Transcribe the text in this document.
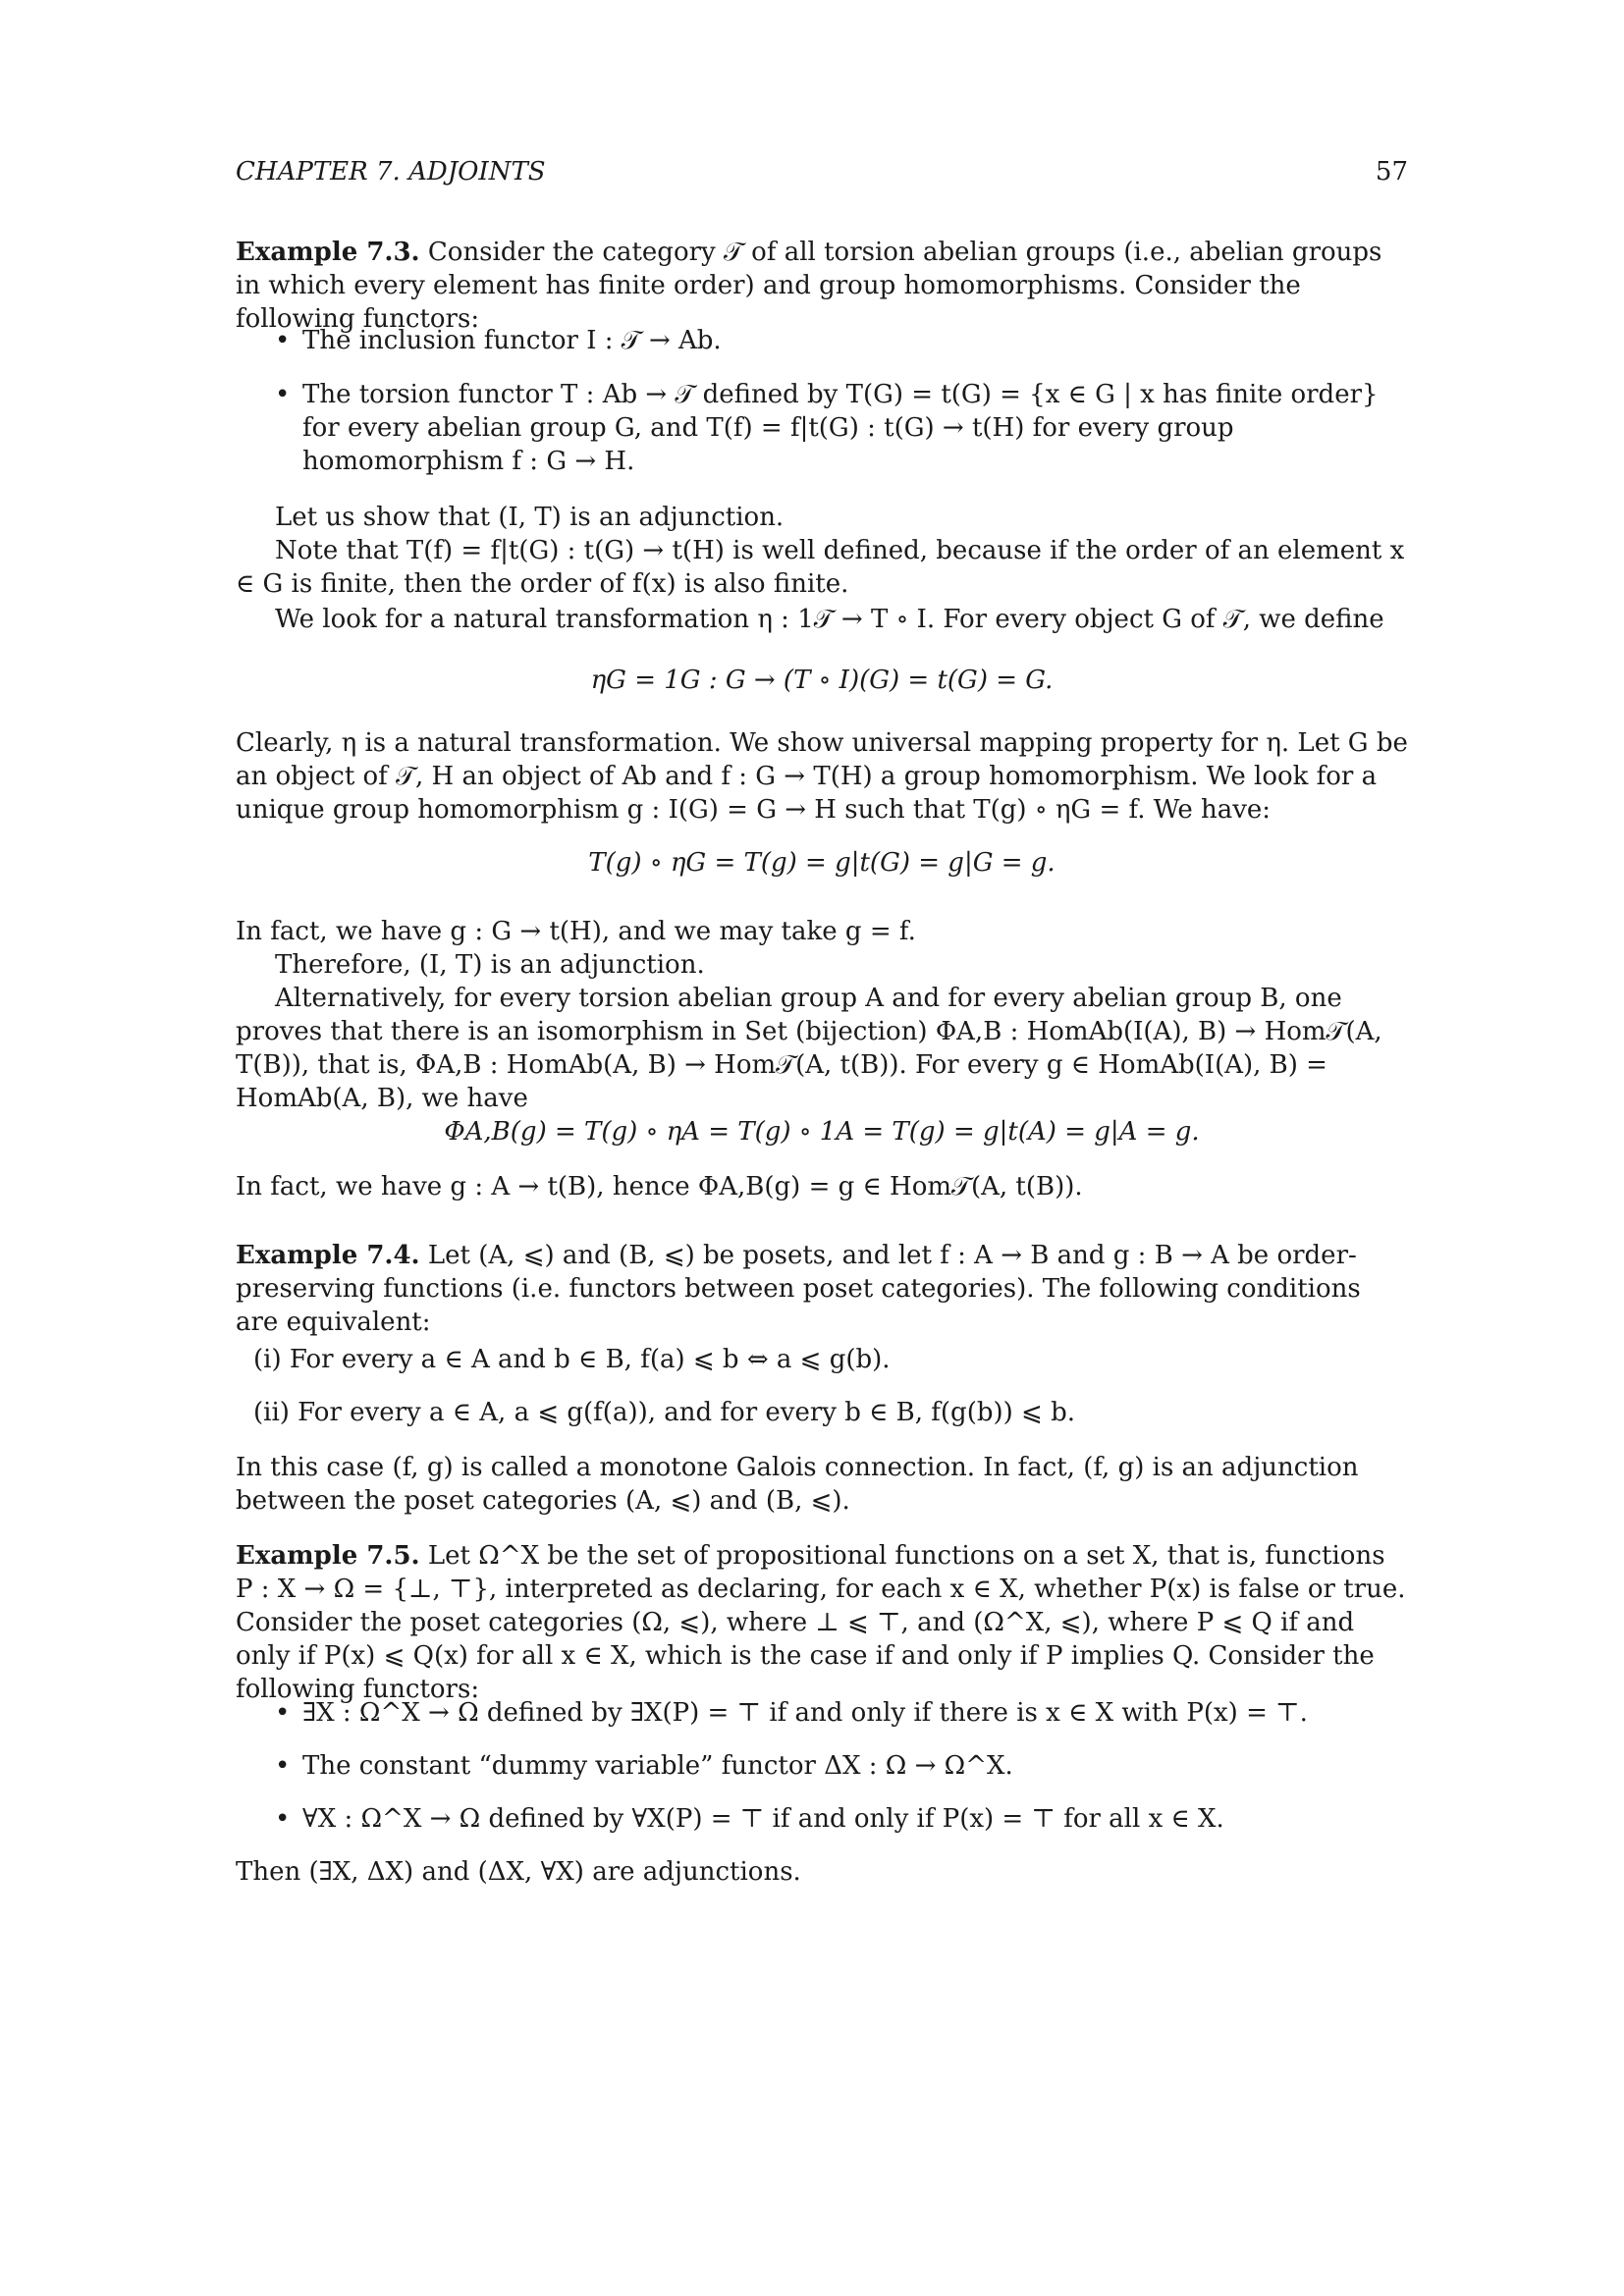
CHAPTER 7. ADJOINTS	57
Example 7.3. Consider the category 𝒯 of all torsion abelian groups (i.e., abelian groups in which every element has finite order) and group homomorphisms. Consider the following functors:
• The inclusion functor I : 𝒯 → Ab.
• The torsion functor T : Ab → 𝒯 defined by T(G) = t(G) = {x ∈ G | x has finite order} for every abelian group G, and T(f) = f|t(G) : t(G) → t(H) for every group homomorphism f : G → H.
Let us show that (I, T) is an adjunction.
Note that T(f) = f|t(G) : t(G) → t(H) is well defined, because if the order of an element x ∈ G is finite, then the order of f(x) is also finite.
We look for a natural transformation η : 1𝒯 → T ∘ I. For every object G of 𝒯, we define
ηG = 1G : G → (T ∘ I)(G) = t(G) = G.
Clearly, η is a natural transformation. We show universal mapping property for η. Let G be an object of 𝒯, H an object of Ab and f : G → T(H) a group homomorphism. We look for a unique group homomorphism g : I(G) = G → H such that T(g) ∘ ηG = f. We have:
T(g) ∘ ηG = T(g) = g|t(G) = g|G = g.
In fact, we have g : G → t(H), and we may take g = f.
Therefore, (I, T) is an adjunction.
Alternatively, for every torsion abelian group A and for every abelian group B, one proves that there is an isomorphism in Set (bijection) ΦA,B : HomAb(I(A), B) → Hom𝒯(A, T(B)), that is, ΦA,B : HomAb(A, B) → Hom𝒯(A, t(B)). For every g ∈ HomAb(I(A), B) = HomAb(A, B), we have
ΦA,B(g) = T(g) ∘ ηA = T(g) ∘ 1A = T(g) = g|t(A) = g|A = g.
In fact, we have g : A → t(B), hence ΦA,B(g) = g ∈ Hom𝒯(A, t(B)).
Example 7.4. Let (A, ⩽) and (B, ⩽) be posets, and let f : A → B and g : B → A be order-preserving functions (i.e. functors between poset categories). The following conditions are equivalent:
(i) For every a ∈ A and b ∈ B, f(a) ⩽ b ⇔ a ⩽ g(b).
(ii) For every a ∈ A, a ⩽ g(f(a)), and for every b ∈ B, f(g(b)) ⩽ b.
In this case (f, g) is called a monotone Galois connection. In fact, (f, g) is an adjunction between the poset categories (A, ⩽) and (B, ⩽).
Example 7.5. Let Ω^X be the set of propositional functions on a set X, that is, functions P : X → Ω = {⊥, ⊤}, interpreted as declaring, for each x ∈ X, whether P(x) is false or true. Consider the poset categories (Ω, ⩽), where ⊥ ⩽ ⊤, and (Ω^X, ⩽), where P ⩽ Q if and only if P(x) ⩽ Q(x) for all x ∈ X, which is the case if and only if P implies Q. Consider the following functors:
• ∃X : Ω^X → Ω defined by ∃X(P) = ⊤ if and only if there is x ∈ X with P(x) = ⊤.
• The constant “dummy variable” functor ΔX : Ω → Ω^X.
• ∀X : Ω^X → Ω defined by ∀X(P) = ⊤ if and only if P(x) = ⊤ for all x ∈ X.
Then (∃X, ΔX) and (ΔX, ∀X) are adjunctions.
